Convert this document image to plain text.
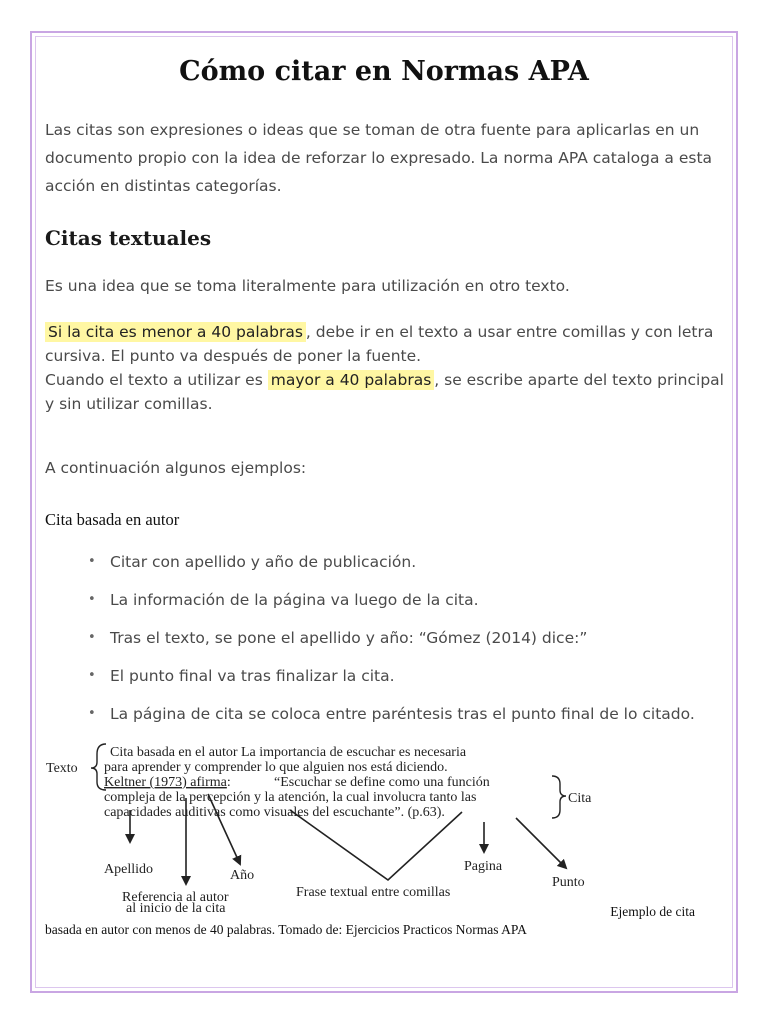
Cómo citar en Normas APA
Las citas son expresiones o ideas que se toman de otra fuente para aplicarlas en un documento propio con la idea de reforzar lo expresado. La norma APA cataloga a esta acción en distintas categorías.
Citas textuales
Es una idea que se toma literalmente para utilización en otro texto.
Si la cita es menor a 40 palabras , debe ir en el texto a usar entre comillas y con letra cursiva. El punto va después de poner la fuente.
Cuando el texto a utilizar es mayor a 40 palabras , se escribe aparte del texto principal y sin utilizar comillas.
A continuación algunos ejemplos:
Cita basada en autor
• Citar con apellido y año de publicación.
• La información de la página va luego de la cita.
• Tras el texto, se pone el apellido y año: “Gómez (2014) dice:”
• El punto final va tras finalizar la cita.
• La página de cita se coloca entre paréntesis tras el punto final de lo citado.
Texto
Cita basada en el autor La importancia de escuchar es necesaria
para aprender y comprender lo que alguien nos está diciendo.
Keltner (1973) afirma:	“Escuchar se define como una función
compleja de la percepción y la atención, la cual involucra tanto las
capacidades auditivas como visuales del escuchante”. (p.63).
Cita
Apellido	Año
Referencia al autor	Frase textual entre comillas
Pagina
Punto
al inicio de la cita	Ejemplo de cita
basada en autor con menos de 40 palabras. Tomado de: Ejercicios Practicos Normas APA
